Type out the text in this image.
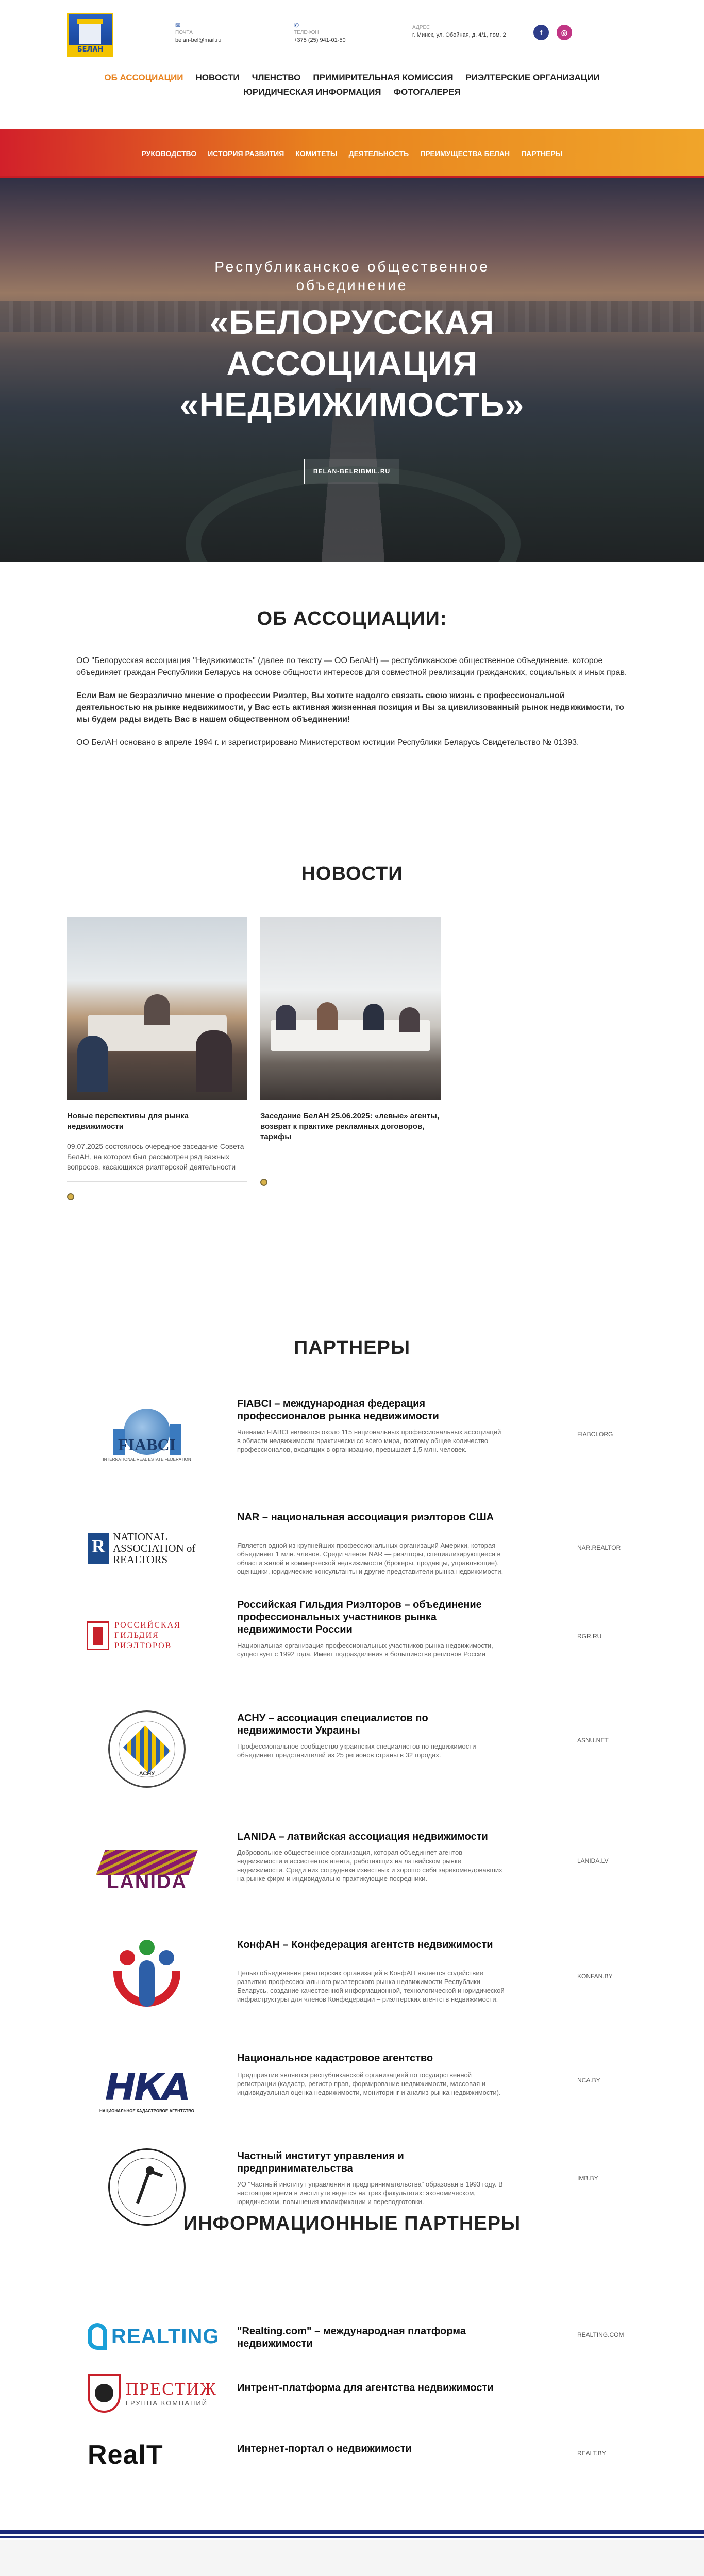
БЕЛАН
✉
ПОЧТА
belan-bel@mail.ru
✆
ТЕЛЕФОН
+375 (25) 941-01-50
АДРЕС
г. Минск, ул. Обойная, д. 4/1, пом. 2	f	◎
ОБ АССОЦИАЦИИ НОВОСТИ ЧЛЕНСТВО ПРИМИРИТЕЛЬНАЯ КОМИССИЯ РИЭЛТЕРСКИЕ ОРГАНИЗАЦИИ
ЮРИДИЧЕСКАЯ ИНФОРМАЦИЯ ФОТОГАЛЕРЕЯ
РУКОВОДСТВО ИСТОРИЯ РАЗВИТИЯ КОМИТЕТЫ ДЕЯТЕЛЬНОСТЬ ПРЕИМУЩЕСТВА БЕЛАН ПАРТНЕРЫ
Республиканское общественное
объединение
«БЕЛОРУССКАЯ
АССОЦИАЦИЯ
«НЕДВИЖИМОСТЬ»
BELAN-BELRIBMIL.RU
ОБ АССОЦИАЦИИ:

ОО "Белорусская ассоциация "Недвижимость" (далее по тексту — ОО БелАН) — республиканское общественное объединение, которое объединяет граждан Республики Беларусь на основе общности интересов для совместной реализации гражданских, социальных и иных прав.

Если Вам не безразлично мнение о профессии Риэлтер, Вы хотите надолго связать свою жизнь с профессиональной деятельностью на рынке недвижимости, у Вас есть активная жизненная позиция и Вы за цивилизованный рынок недвижимости, то мы будем рады видеть Вас в нашем общественном объединении!

ОО БелАН основано в апреле 1994 г. и зарегистрировано Министерством юстиции Республики Беларусь Свидетельство № 01393.

НОВОСТИ
Новые перспективы для рынка недвижимости
09.07.2025 состоялось очередное заседание Совета БелАН, на котором был рассмотрен ряд важных вопросов, касающихся риэлтерской деятельности
Заседание БелАН 25.06.2025: «левые» агенты, возврат к практике рекламных договоров, тарифы
ПАРТНЕРЫ
FIABCI
INTERNATIONAL REAL ESTATE FEDERATION
FIABCI – международная федерация профессионалов рынка недвижимости
Членами FIABCI являются около 115 национальных профессиональных ассоциаций в области недвижимости практически со всего мира, поэтому общее количество профессионалов, входящих в организацию, превышает 1,5 млн. человек.
FIABCI.ORG
R NATIONAL ASSOCIATION of REALTORS
NAR – национальная ассоциация риэлторов США
Является одной из крупнейших профессиональных организаций Америки, которая объединяет 1 млн. членов. Среди членов NAR — риэлторы, специализирующиеся в области жилой и коммерческой недвижимости (брокеры, продавцы, управляющие), оценщики, юридические консультанты и другие представители рынка недвижимости.
NAR.REALTOR
РОССИЙСКАЯ ГИЛЬДИЯ РИЭЛТОРОВ
Российская Гильдия Риэлторов – объединение профессиональных участников рынка недвижимости России
Национальная организация профессиональных участников рынка недвижимости, существует с 1992 года. Имеет подразделения в большинстве регионов России
RGR.RU
АСНУ
АСНУ – ассоциация специалистов по недвижимости Украины
Профессиональное сообщество украинских специалистов по недвижимости объединяет представителей из 25 регионов страны в 32 городах.
ASNU.NET
LANIDA
LANIDA – латвийская ассоциация недвижимости
Добровольное общественное организация, которая объединяет агентов недвижимости и ассистентов агента, работающих на латвийском рынке недвижимости. Среди них сотрудники известных и хорошо себя зарекомендовавших на рынке фирм и индивидуально практикующие посредники.
LANIDA.LV
КонфАН – Конфедерация агентств недвижимости
Целью объединения риэлтерских организаций в КонфАН является содействие развитию профессионального риэлтерского рынка недвижимости Республики Беларусь, создание качественной информационной, технологической и юридической инфраструктуры для членов Конфедерации – риэлтерских агентств недвижимости.
KONFAN.BY
НКА
НАЦИОНАЛЬНОЕ КАДАСТРОВОЕ АГЕНТСТВО
Национальное кадастровое агентство
Предприятие является республиканской организацией по государственной регистрации (кадастр, регистр прав, формирование недвижимости, массовая и индивидуальная оценка недвижимости, мониторинг и анализ рынка недвижимости).
NCA.BY
Частный институт управления и предпринимательства
УО "Частный институт управления и предпринимательства" образован в 1993 году. В настоящее время в институте ведется на трех факультетах: экономическом, юридическом, повышения квалификации и переподготовки.
IMB.BY
ИНФОРМАЦИОННЫЕ ПАРТНЕРЫ
REALTING "Realting.com" – международная платформа недвижимости
REALTING.COM
ПРЕСТИЖ
ГРУППА КОМПАНИЙ
Интрент-платформа для агентства недвижимости
RealT	Интернет-портал о недвижимости	REALT.BY
